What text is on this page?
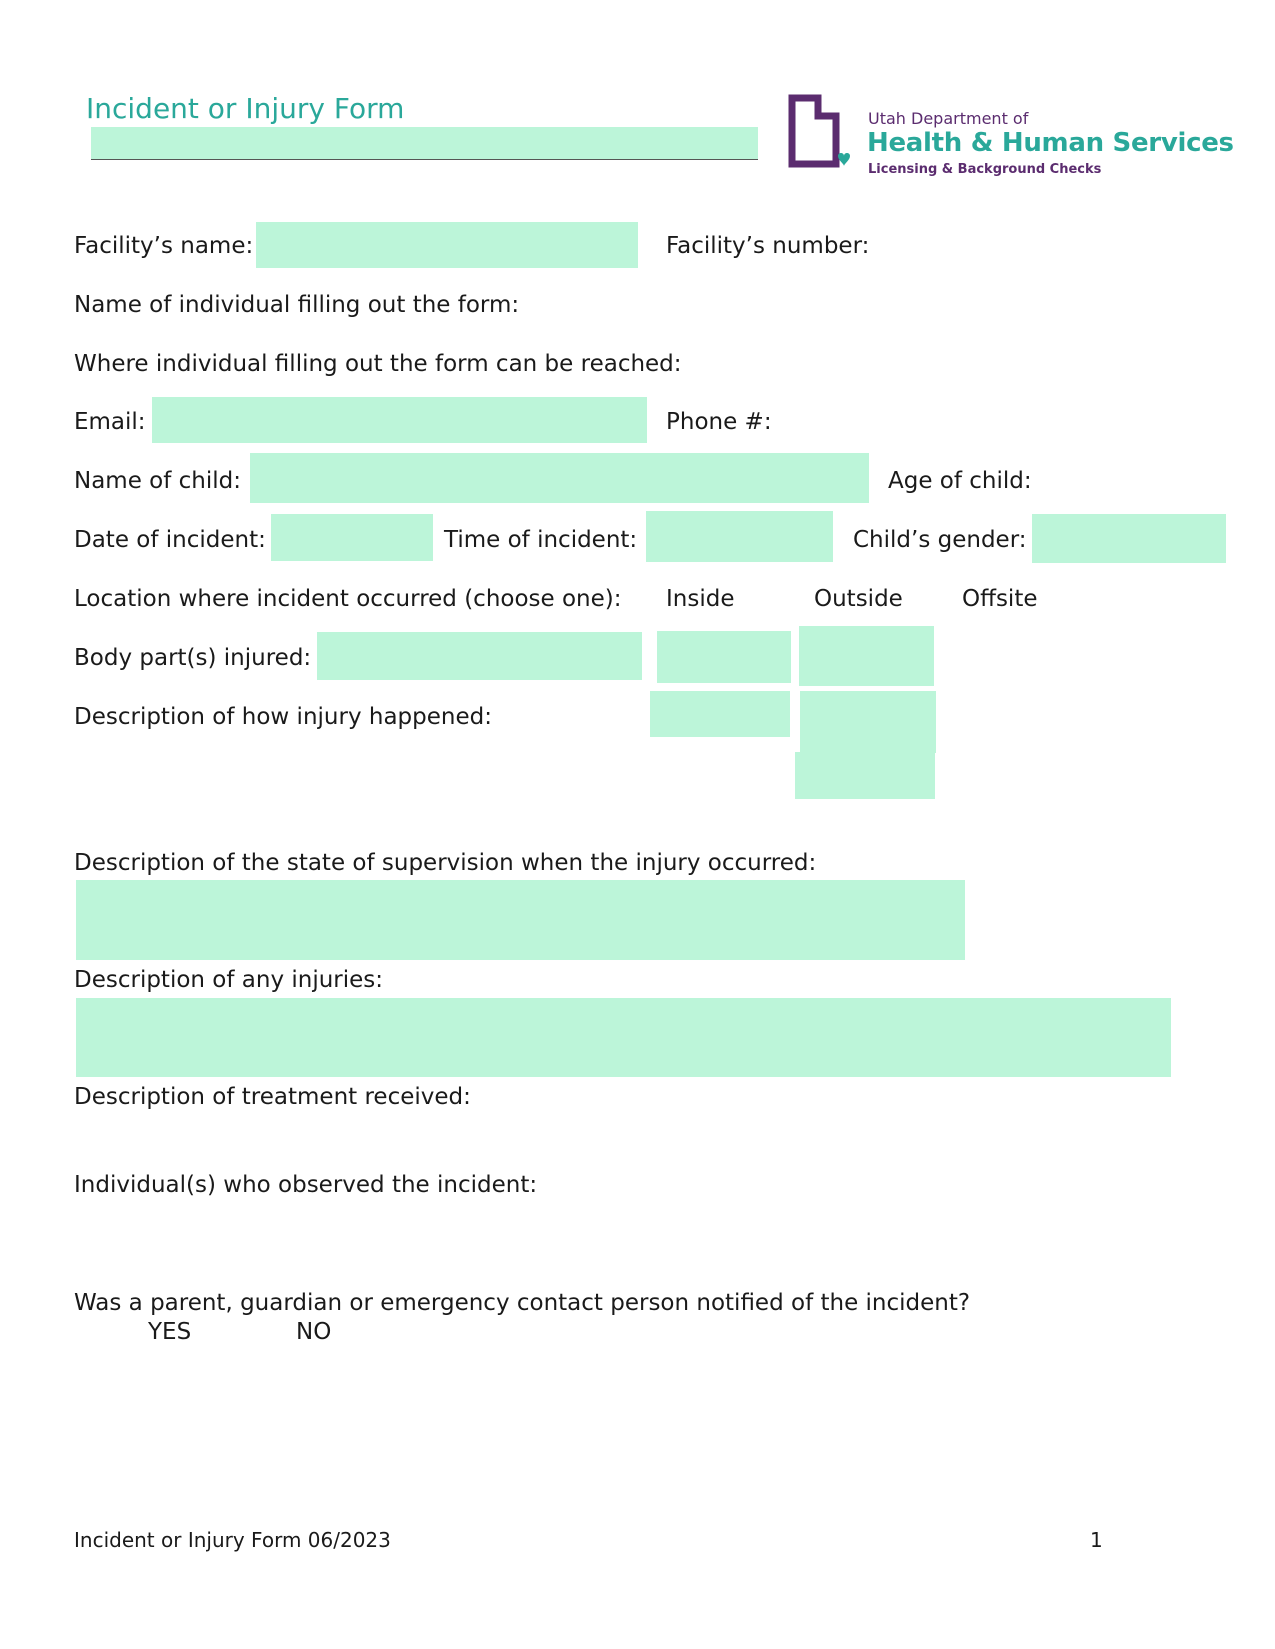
Incident or Injury Form	Utah Department of
Health & Human Services
Licensing & Background Checks
Facility’s name:	Facility’s number:
Name of individual filling out the form:
Where individual filling out the form can be reached:
Email:	Phone #:
Name of child:	Age of child:
Date of incident:	Time of incident:	Child’s gender:
Location where incident occurred (choose one): Inside	Outside	Offsite
Body part(s) injured:
Description of how injury happened:
Description of the state of supervision when the injury occurred:
Description of any injuries:
Description of treatment received:
Individual(s) who observed the incident:
Was a parent, guardian or emergency contact person notified of the incident?
YES	NO
Incident or Injury Form 06/2023	1
